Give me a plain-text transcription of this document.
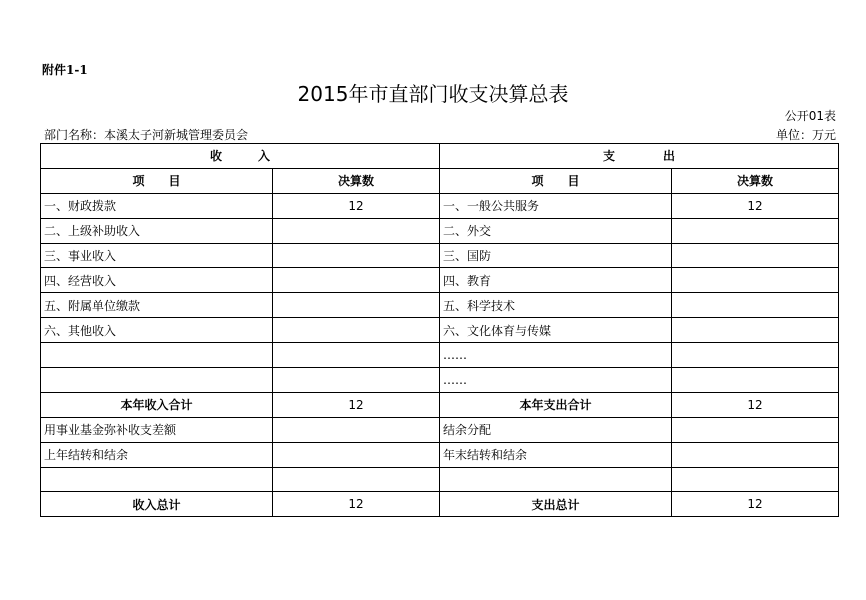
附件1-1
2015年市直部门收支决算总表
公开01表
部门名称：本溪太子河新城管理委员会	单位：万元
收　　　入		支　　　　出	
项　　目	决算数	项　　目	决算数
一、财政拨款	12	一、一般公共服务	12
二、上级补助收入		二、外交	
三、事业收入		三、国防	
四、经营收入		四、教育	
五、附属单位缴款		五、科学技术	
六、其他收入		六、文化体育与传媒	
		……	
		……	
本年收入合计	12	本年支出合计	12
用事业基金弥补收支差额		结余分配	
上年结转和结余		年末结转和结余	

收入总计	12	支出总计	12
